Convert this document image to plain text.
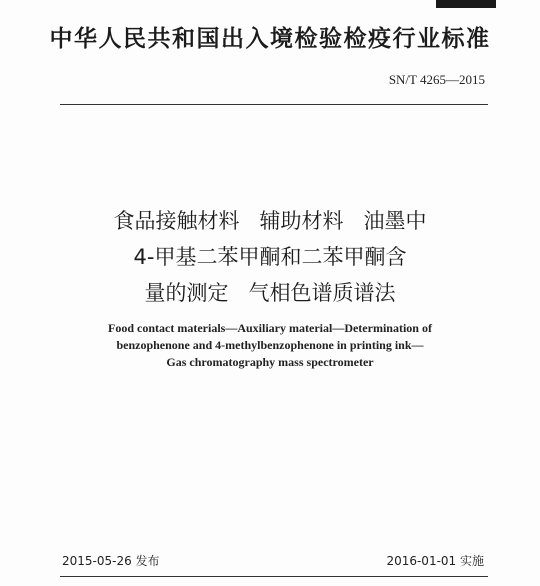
中华人民共和国出入境检验检疫行业标准
SN/T 4265—2015
食品接触材料   辅助材料   油墨中
4-甲基二苯甲酮和二苯甲酮含
量的测定   气相色谱质谱法
Food contact materials—Auxiliary material—Determination of
benzophenone and 4-methylbenzophenone in printing ink—
Gas chromatography mass spectrometer
2015-05-26 发布	2016-01-01 实施
